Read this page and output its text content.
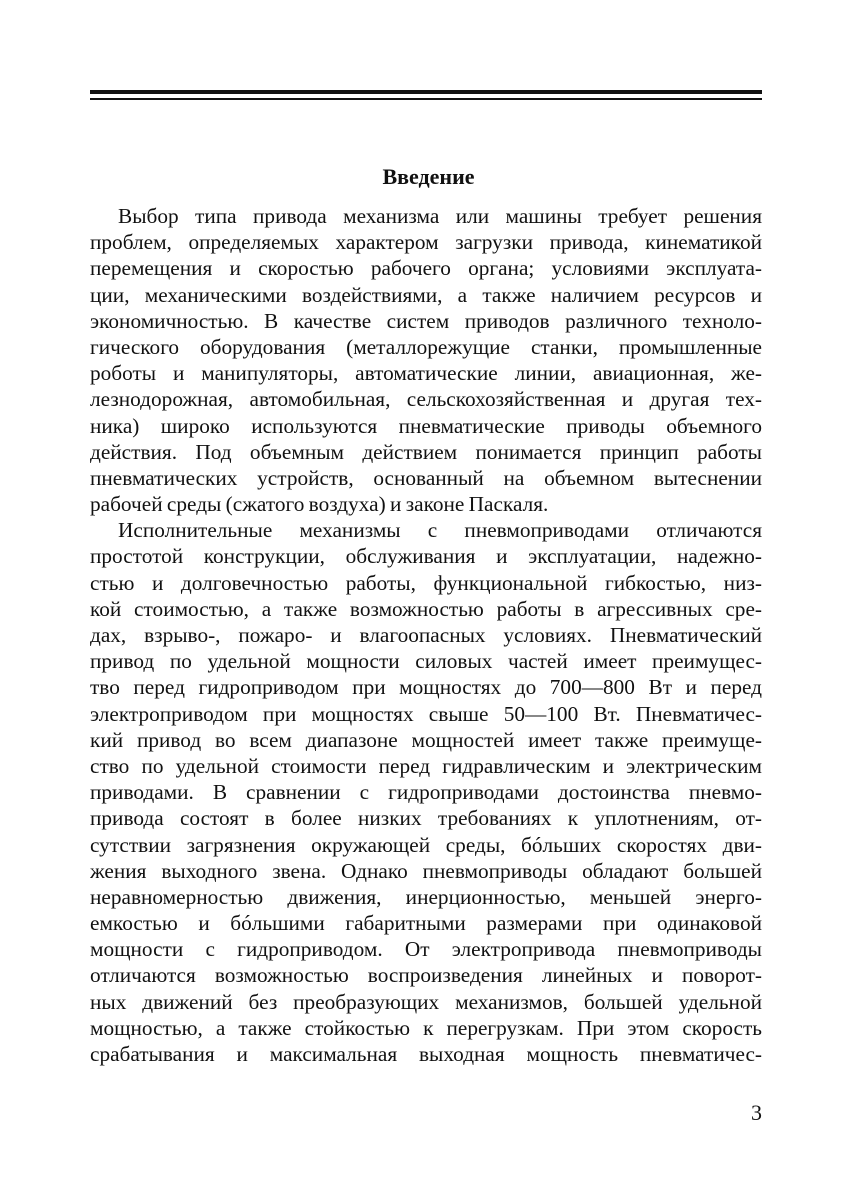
Введение
Выбор типа привода механизма или машины требует решения
проблем, определяемых характером загрузки привода, кинематикой
перемещения и скоростью рабочего органа; условиями эксплуата-
ции, механическими воздействиями, а также наличием ресурсов и
экономичностью. В качестве систем приводов различного техноло-
гического оборудования (металлорежущие станки, промышленные
роботы и манипуляторы, автоматические линии, авиационная, же-
лезнодорожная, автомобильная, сельскохозяйственная и другая тех-
ника) широко используются пневматические приводы объемного
действия. Под объемным действием понимается принцип работы
пневматических устройств, основанный на объемном вытеснении
рабочей среды (сжатого воздуха) и законе Паскаля.
Исполнительные механизмы с пневмоприводами отличаются
простотой конструкции, обслуживания и эксплуатации, надежно-
стью и долговечностью работы, функциональной гибкостью, низ-
кой стоимостью, а также возможностью работы в агрессивных сре-
дах, взрыво-, пожаро- и влагоопасных условиях. Пневматический
привод по удельной мощности силовых частей имеет преимущес-
тво перед гидроприводом при мощностях до 700—800 Вт и перед
электроприводом при мощностях свыше 50—100 Вт. Пневматичес-
кий привод во всем диапазоне мощностей имеет также преимуще-
ство по удельной стоимости перед гидравлическим и электрическим
приводами. В сравнении с гидроприводами достоинства пневмо-
привода состоят в более низких требованиях к уплотнениям, от-
сутствии загрязнения окружающей среды, бóльших скоростях дви-
жения выходного звена. Однако пневмоприводы обладают большей
неравномерностью движения, инерционностью, меньшей энерго-
емкостью и бóльшими габаритными размерами при одинаковой
мощности с гидроприводом. От электропривода пневмоприводы
отличаются возможностью воспроизведения линейных и поворот-
ных движений без преобразующих механизмов, большей удельной
мощностью, а также стойкостью к перегрузкам. При этом скорость
срабатывания и максимальная выходная мощность пневматичес-
3
